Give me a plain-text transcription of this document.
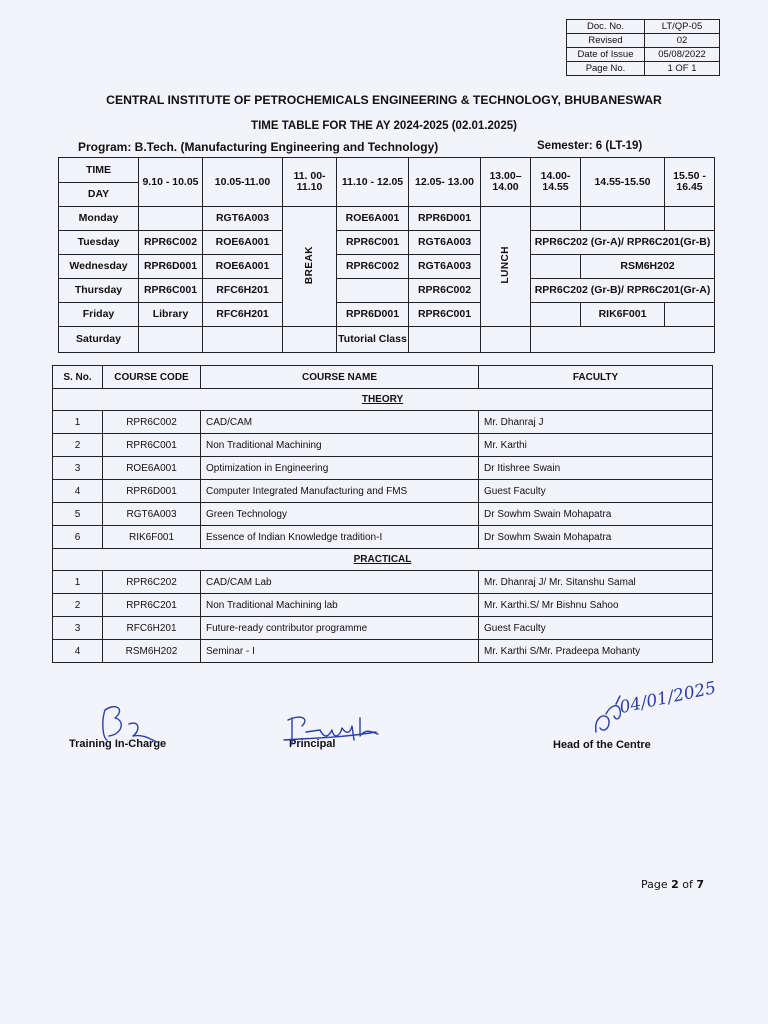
Doc. No.	LT/QP-05
Revised	02
Date of Issue	05/08/2022
Page No.	1 OF 1
CENTRAL INSTITUTE OF PETROCHEMICALS ENGINEERING & TECHNOLOGY, BHUBANESWAR
TIME TABLE FOR THE AY 2024-2025 (02.01.2025)
Program: B.Tech. (Manufacturing Engineering and Technology)	Semester: 6 (LT-19)
TIME	9.10 - 10.05	10.05-11.00	11. 00- 11.10	11.10 - 12.05	12.05- 13.00	13.00– 14.00	14.00- 14.55	14.55-15.50	15.50 - 16.45
DAY									
Monday		RGT6A003	BREAK	ROE6A001	RPR6D001	LUNCH			
Tuesday	RPR6C002	ROE6A001		RPR6C001	RGT6A003		RPR6C202 (Gr-A)/ RPR6C201(Gr-B)		
Wednesday	RPR6D001	ROE6A001		RPR6C002	RGT6A003			RSM6H202	
Thursday	RPR6C001	RFC6H201			RPR6C002		RPR6C202 (Gr-B)/ RPR6C201(Gr-A)		
Friday	Library	RFC6H201		RPR6D001	RPR6C001			RIK6F001	
Saturday				Tutorial Class					
S. No.	COURSE CODE	COURSE NAME	FACULTY
THEORY			
1	RPR6C002	CAD/CAM	Mr. Dhanraj J
2	RPR6C001	Non Traditional Machining	Mr. Karthi
3	ROE6A001	Optimization in Engineering	Dr Itishree Swain
4	RPR6D001	Computer Integrated Manufacturing and FMS	Guest Faculty
5	RGT6A003	Green Technology	Dr Sowhm Swain Mohapatra
6	RIK6F001	Essence of Indian Knowledge tradition-I	Dr Sowhm Swain Mohapatra
PRACTICAL			
1	RPR6C202	CAD/CAM Lab	Mr. Dhanraj J/ Mr. Sitanshu Samal
2	RPR6C201	Non Traditional Machining lab	Mr. Karthi.S/ Mr Bishnu Sahoo
3	RFC6H201	Future-ready contributor programme	Guest Faculty
4	RSM6H202	Seminar - I	Mr. Karthi S/Mr. Pradeepa Mohanty
Training In-Charge	Principal	Head of the Centre
04/01/2025
Page 2 of 7
